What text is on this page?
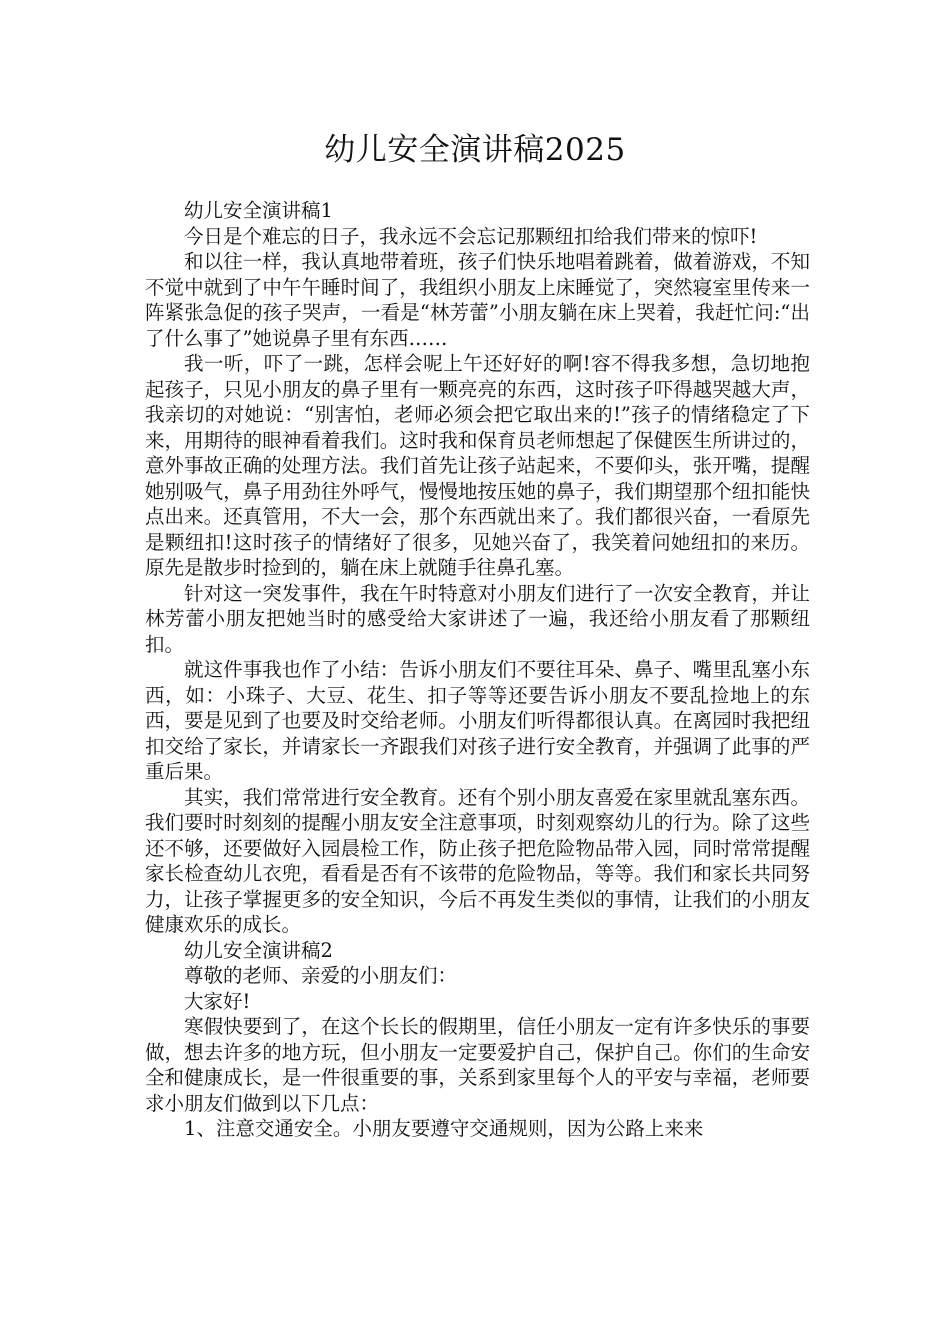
幼儿安全演讲稿2025

幼儿安全演讲稿1

今日是个难忘的日子，我永远不会忘记那颗纽扣给我们带来的惊吓!

和以往一样，我认真地带着班，孩子们快乐地唱着跳着，做着游戏，不知不觉中就到了中午午睡时间了，我组织小朋友上床睡觉了，突然寝室里传来一阵紧张急促的孩子哭声，一看是“林芳蕾”小朋友躺在床上哭着，我赶忙问:“出了什么事了”她说鼻子里有东西……

我一听，吓了一跳，怎样会呢上午还好好的啊!容不得我多想，急切地抱起孩子，只见小朋友的鼻子里有一颗亮亮的东西，这时孩子吓得越哭越大声，我亲切的对她说：“别害怕，老师必须会把它取出来的!”孩子的情绪稳定了下来，用期待的眼神看着我们。这时我和保育员老师想起了保健医生所讲过的，意外事故正确的处理方法。我们首先让孩子站起来，不要仰头，张开嘴，提醒她别吸气，鼻子用劲往外呼气，慢慢地按压她的鼻子，我们期望那个纽扣能快点出来。还真管用，不大一会，那个东西就出来了。我们都很兴奋，一看原先是颗纽扣!这时孩子的情绪好了很多，见她兴奋了，我笑着问她纽扣的来历。原先是散步时捡到的，躺在床上就随手往鼻孔塞。

针对这一突发事件，我在午时特意对小朋友们进行了一次安全教育，并让林芳蕾小朋友把她当时的感受给大家讲述了一遍，我还给小朋友看了那颗纽扣。

就这件事我也作了小结：告诉小朋友们不要往耳朵、鼻子、嘴里乱塞小东西，如：小珠子、大豆、花生、扣子等等还要告诉小朋友不要乱捡地上的东西，要是见到了也要及时交给老师。小朋友们听得都很认真。在离园时我把纽扣交给了家长，并请家长一齐跟我们对孩子进行安全教育，并强调了此事的严重后果。

其实，我们常常进行安全教育。还有个别小朋友喜爱在家里就乱塞东西。我们要时时刻刻的提醒小朋友安全注意事项，时刻观察幼儿的行为。除了这些还不够，还要做好入园晨检工作，防止孩子把危险物品带入园，同时常常提醒家长检查幼儿衣兜，看看是否有不该带的危险物品，等等。我们和家长共同努力，让孩子掌握更多的安全知识，今后不再发生类似的事情，让我们的小朋友健康欢乐的成长。

幼儿安全演讲稿2

尊敬的老师、亲爱的小朋友们：

大家好!

寒假快要到了，在这个长长的假期里，信任小朋友一定有许多快乐的事要做，想去许多的地方玩，但小朋友一定要爱护自己，保护自己。你们的生命安全和健康成长，是一件很重要的事，关系到家里每个人的平安与幸福，老师要求小朋友们做到以下几点：

1、注意交通安全。小朋友要遵守交通规则，因为公路上来来
